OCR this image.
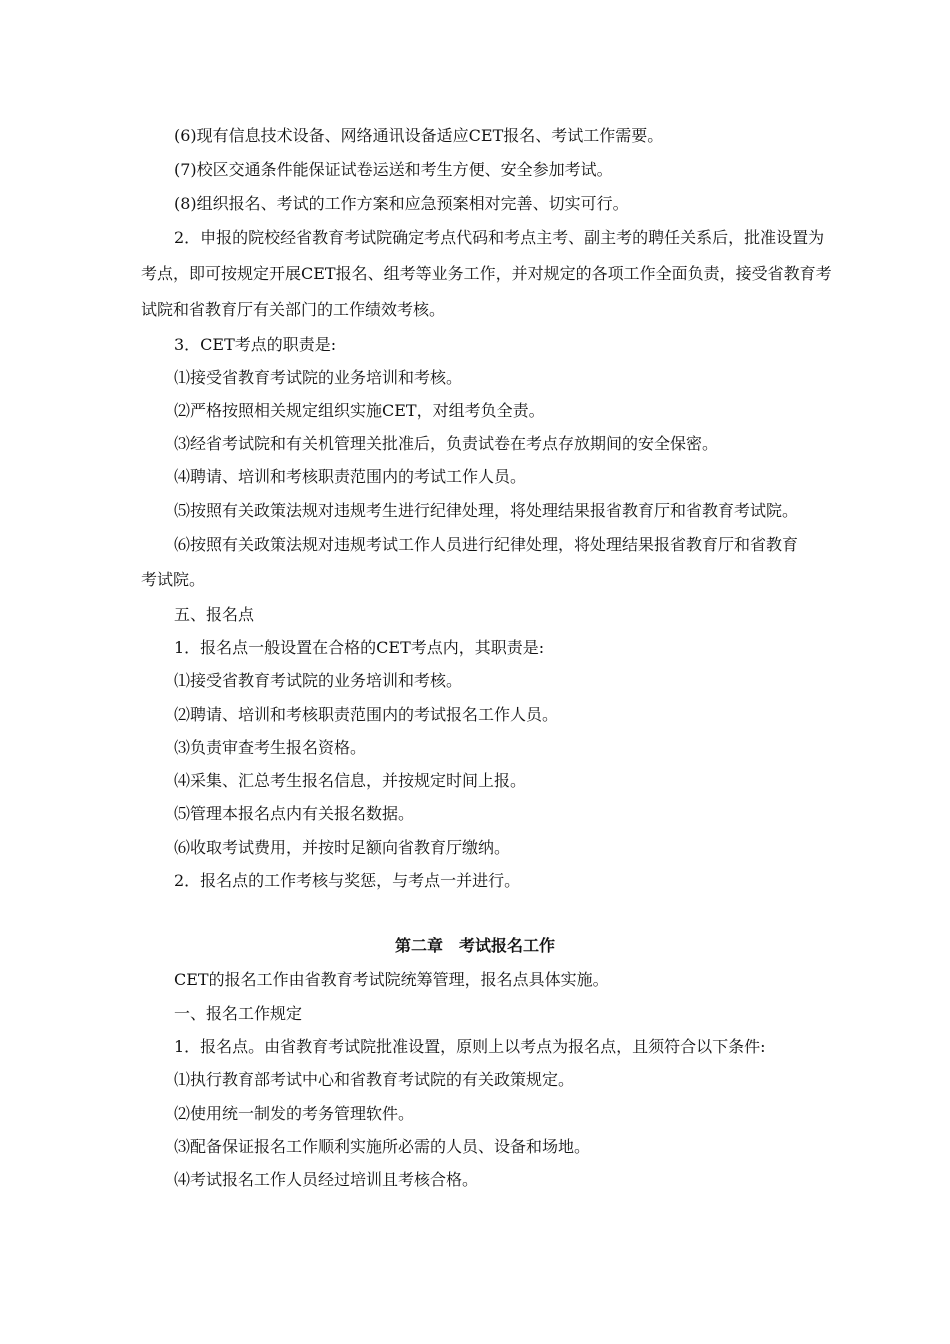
(6)现有信息技术设备、网络通讯设备适应CET报名、考试工作需要。

(7)校区交通条件能保证试卷运送和考生方便、安全参加考试。

(8)组织报名、考试的工作方案和应急预案相对完善、切实可行。

2．申报的院校经省教育考试院确定考点代码和考点主考、副主考的聘任关系后，批准设置为

考点，即可按规定开展CET报名、组考等业务工作，并对规定的各项工作全面负责，接受省教育考

试院和省教育厅有关部门的工作绩效考核。

3．CET考点的职责是:

⑴接受省教育考试院的业务培训和考核。

⑵严格按照相关规定组织实施CET，对组考负全责。

⑶经省考试院和有关机管理关批准后，负责试卷在考点存放期间的安全保密。

⑷聘请、培训和考核职责范围内的考试工作人员。

⑸按照有关政策法规对违规考生进行纪律处理，将处理结果报省教育厅和省教育考试院。

⑹按照有关政策法规对违规考试工作人员进行纪律处理，将处理结果报省教育厅和省教育

考试院。

五、报名点

1．报名点一般设置在合格的CET考点内，其职责是:

⑴接受省教育考试院的业务培训和考核。

⑵聘请、培训和考核职责范围内的考试报名工作人员。

⑶负责审查考生报名资格。

⑷采集、汇总考生报名信息，并按规定时间上报。

⑸管理本报名点内有关报名数据。

⑹收取考试费用，并按时足额向省教育厅缴纳。

2．报名点的工作考核与奖惩，与考点一并进行。

第二章　考试报名工作

CET的报名工作由省教育考试院统筹管理，报名点具体实施。

一、报名工作规定

1．报名点。由省教育考试院批准设置，原则上以考点为报名点，且须符合以下条件:

⑴执行教育部考试中心和省教育考试院的有关政策规定。

⑵使用统一制发的考务管理软件。

⑶配备保证报名工作顺利实施所必需的人员、设备和场地。

⑷考试报名工作人员经过培训且考核合格。
